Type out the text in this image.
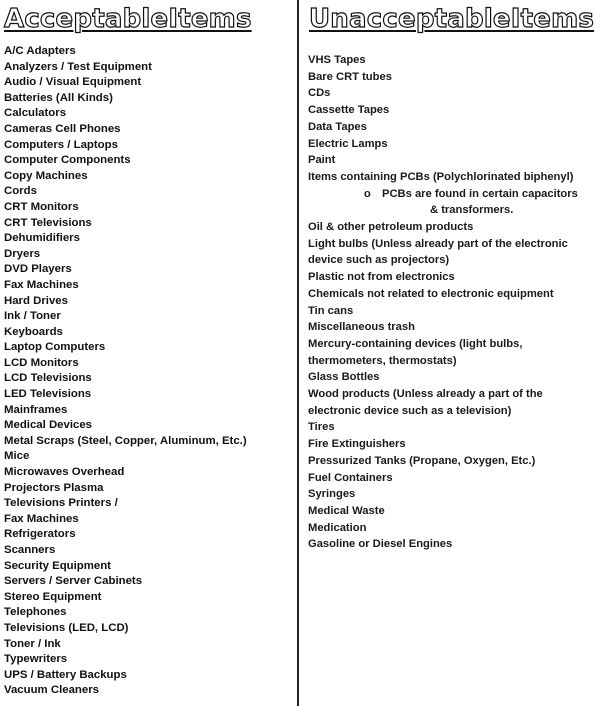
AcceptableItems
A/C Adapters
Analyzers / Test Equipment
Audio / Visual Equipment
Batteries (All Kinds)
Calculators
Cameras Cell Phones
Computers / Laptops
Computer Components
Copy Machines
Cords
CRT Monitors
CRT Televisions
Dehumidifiers
Dryers
DVD Players
Fax Machines
Hard Drives
Ink / Toner
Keyboards
Laptop Computers
LCD Monitors
LCD Televisions
LED Televisions
Mainframes
Medical Devices
Metal Scraps (Steel, Copper, Aluminum, Etc.)
Mice
Microwaves Overhead
Projectors Plasma
Televisions Printers /
Fax Machines
Refrigerators
Scanners
Security Equipment
Servers / Server Cabinets
Stereo Equipment
Telephones
Televisions (LED, LCD)
Toner / Ink
Typewriters
UPS / Battery Backups
Vacuum Cleaners
UnacceptableItems
VHS Tapes
Bare CRT tubes
CDs
Cassette Tapes
Data Tapes
Electric Lamps
Paint
Items containing PCBs (Polychlorinated biphenyl)
o PCBs are found in certain capacitors
& transformers.
Oil & other petroleum products
Light bulbs (Unless already part of the electronic
device such as projectors)
Plastic not from electronics
Chemicals not related to electronic equipment
Tin cans
Miscellaneous trash
Mercury-containing devices (light bulbs,
thermometers, thermostats)
Glass Bottles
Wood products (Unless already a part of the
electronic device such as a television)
Tires
Fire Extinguishers
Pressurized Tanks (Propane, Oxygen, Etc.)
Fuel Containers
Syringes
Medical Waste
Medication
Gasoline or Diesel Engines
